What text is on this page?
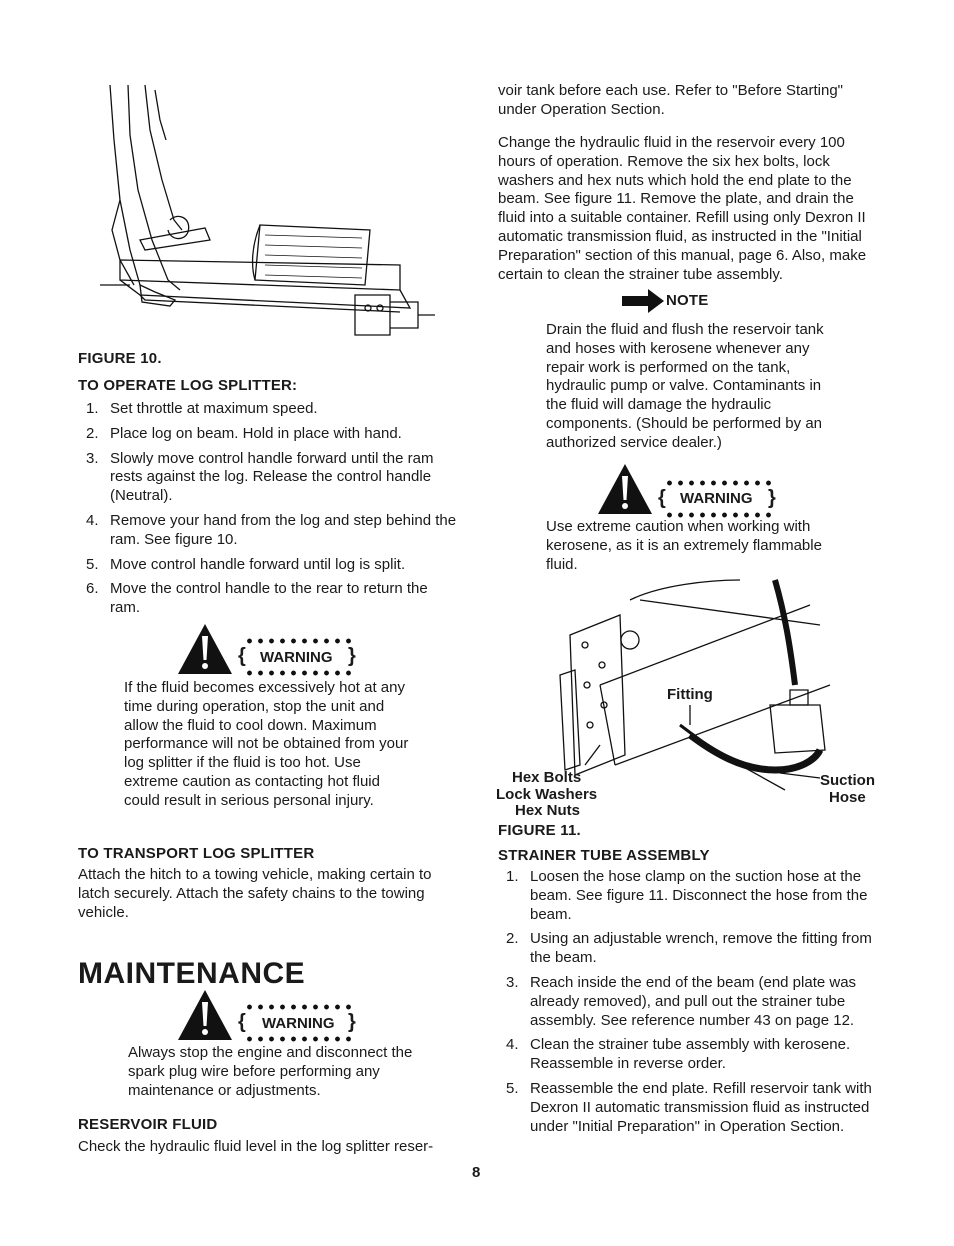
FIGURE 10.
TO OPERATE LOG SPLITTER:
1. Set throttle at maximum speed.
2. Place log on beam. Hold in place with hand.
3. Slowly move control handle forward until the ram rests against the log. Release the control handle (Neutral).
4. Remove your hand from the log and step behind the ram. See figure 10.
5. Move control handle forward until log is split.
6. Move the control handle to the rear to return the ram.
{ WARNING }
If the fluid becomes excessively hot at any time during operation, stop the unit and allow the fluid to cool down. Maximum performance will not be obtained from your log splitter if the fluid is too hot. Use extreme caution as contacting hot fluid could result in serious personal injury.
TO TRANSPORT LOG SPLITTER
Attach the hitch to a towing vehicle, making certain to latch securely. Attach the safety chains to the towing vehicle.
MAINTENANCE
{ WARNING }
Always stop the engine and disconnect the spark plug wire before performing any maintenance or adjustments.
RESERVOIR FLUID
Check the hydraulic fluid level in the log splitter reser-
voir tank before each use. Refer to "Before Starting" under Operation Section.
Change the hydraulic fluid in the reservoir every 100 hours of operation. Remove the six hex bolts, lock washers and hex nuts which hold the end plate to the beam. See figure 11. Remove the plate, and drain the fluid into a suitable container. Refill using only Dexron II automatic transmission fluid, as instructed in the "Initial Preparation" section of this manual, page 6. Also, make certain to clean the strainer tube assembly.
NOTE
Drain the fluid and flush the reservoir tank and hoses with kerosene whenever any repair work is performed on the tank, hydraulic pump or valve. Contaminants in the fluid will damage the hydraulic components. (Should be performed by an authorized service dealer.)
{ WARNING }
Use extreme caution when working with kerosene, as it is an extremely flammable fluid.
Fitting
Hex Bolts
Lock Washers
Hex Nuts
Suction
Hose
FIGURE 11.
STRAINER TUBE ASSEMBLY
1. Loosen the hose clamp on the suction hose at the beam. See figure 11. Disconnect the hose from the beam.
2. Using an adjustable wrench, remove the fitting from the beam.
3. Reach inside the end of the beam (end plate was already removed), and pull out the strainer tube assembly. See reference number 43 on page 12.
4. Clean the strainer tube assembly with kerosene. Reassemble in reverse order.
5. Reassemble the end plate. Refill reservoir tank with Dexron II automatic transmission fluid as instructed under "Initial Preparation" in Operation Section.
8
